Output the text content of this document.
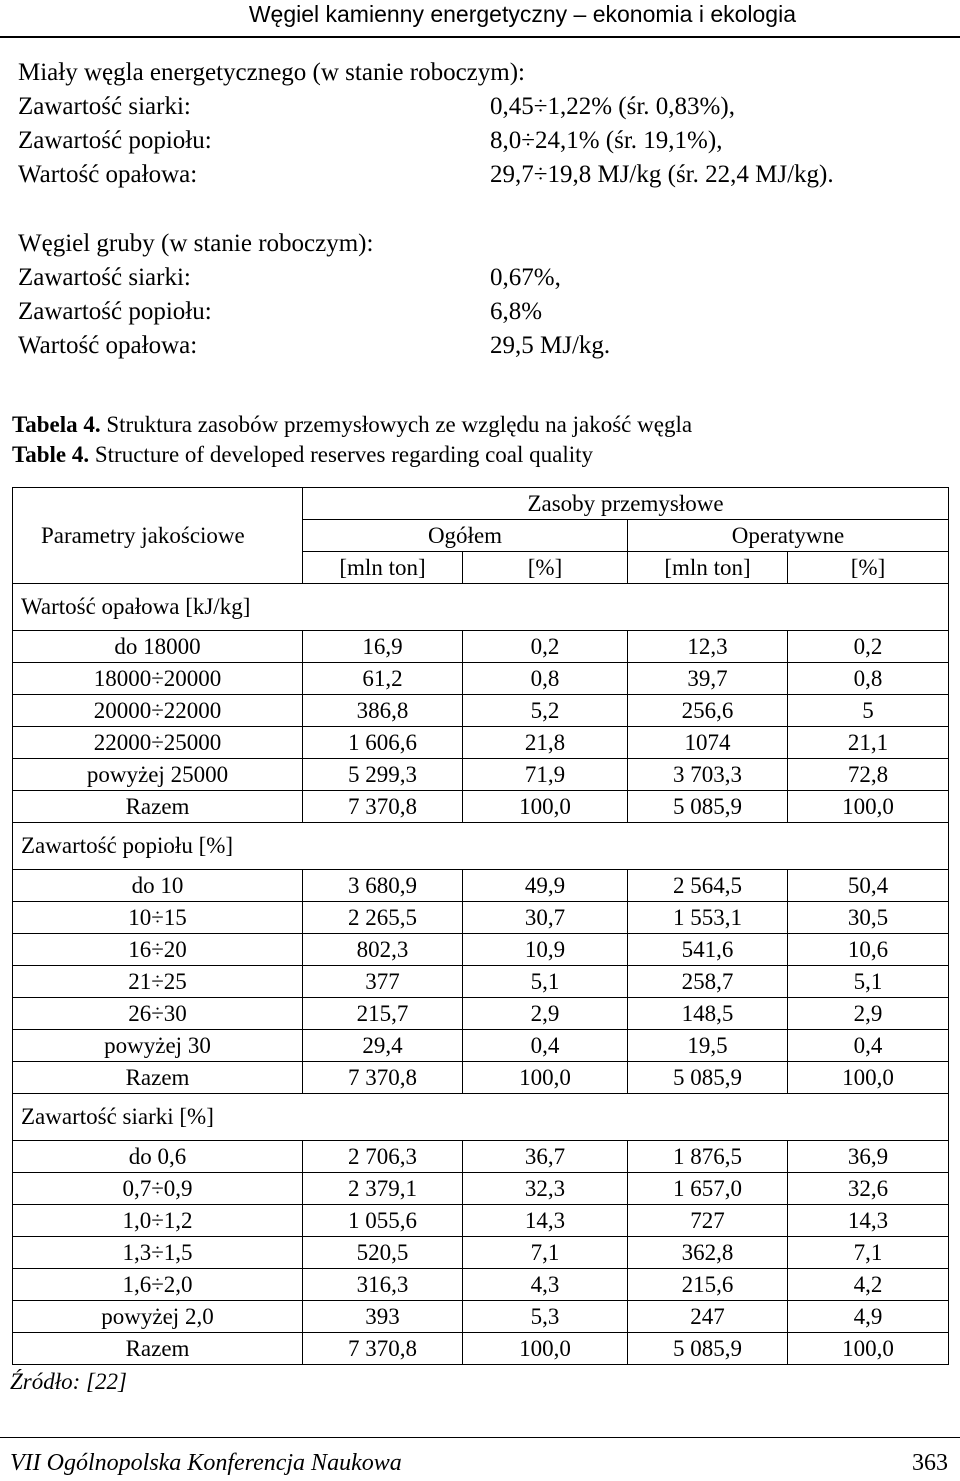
Węgiel kamienny energetyczny – ekonomia i ekologia
Miały węgla energetycznego (w stanie roboczym):
Zawartość siarki:	0,45÷1,22% (śr. 0,83%),
Zawartość popiołu:	8,0÷24,1% (śr. 19,1%),
Wartość opałowa:	29,7÷19,8 MJ/kg (śr. 22,4 MJ/kg).
Węgiel gruby (w stanie roboczym):
Zawartość siarki:	0,67%,
Zawartość popiołu:	6,8%
Wartość opałowa:	29,5 MJ/kg.
Tabela 4. Struktura zasobów przemysłowych ze względu na jakość węgla
Table 4. Structure of developed reserves regarding coal quality
Parametry jakościowe	Zasoby przemysłowe			
	Ogółem		Operatywne	
	[mln ton]	[%]	[mln ton]	[%]
Wartość opałowa [kJ/kg]				
do 18000	16,9	0,2	12,3	0,2
18000÷20000	61,2	0,8	39,7	0,8
20000÷22000	386,8	5,2	256,6	5
22000÷25000	1 606,6	21,8	1074	21,1
powyżej 25000	5 299,3	71,9	3 703,3	72,8
Razem	7 370,8	100,0	5 085,9	100,0
Zawartość popiołu [%]				
do 10	3 680,9	49,9	2 564,5	50,4
10÷15	2 265,5	30,7	1 553,1	30,5
16÷20	802,3	10,9	541,6	10,6
21÷25	377	5,1	258,7	5,1
26÷30	215,7	2,9	148,5	2,9
powyżej 30	29,4	0,4	19,5	0,4
Razem	7 370,8	100,0	5 085,9	100,0
Zawartość siarki [%]				
do 0,6	2 706,3	36,7	1 876,5	36,9
0,7÷0,9	2 379,1	32,3	1 657,0	32,6
1,0÷1,2	1 055,6	14,3	727	14,3
1,3÷1,5	520,5	7,1	362,8	7,1
1,6÷2,0	316,3	4,3	215,6	4,2
powyżej 2,0	393	5,3	247	4,9
Razem	7 370,8	100,0	5 085,9	100,0
Źródło: [22]
VII Ogólnopolska Konferencja Naukowa	363
